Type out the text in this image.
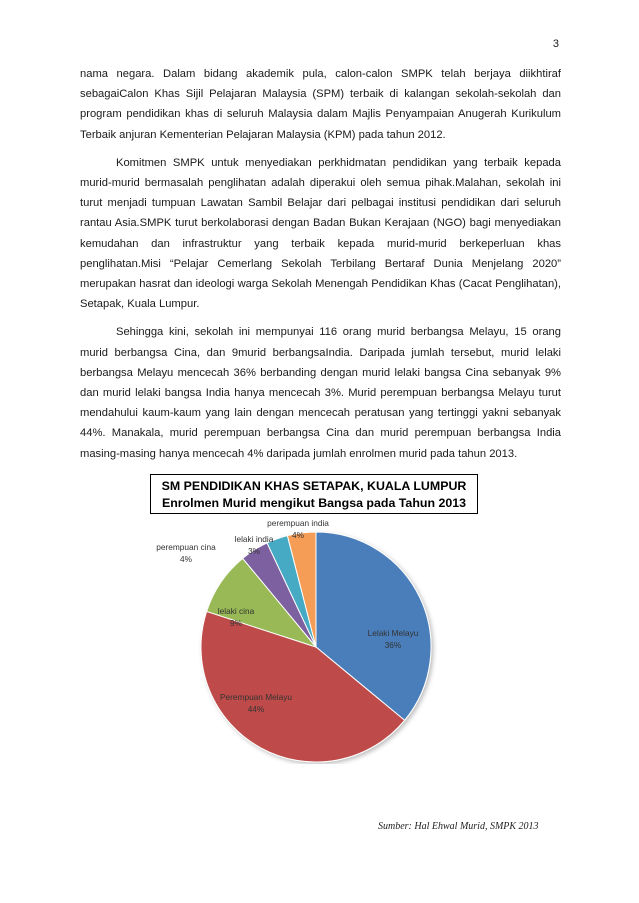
3

nama negara. Dalam bidang akademik pula, calon-calon SMPK telah berjaya diikhtiraf sebagaiCalon Khas Sijil Pelajaran Malaysia (SPM) terbaik di kalangan sekolah-sekolah dan program pendidikan khas di seluruh Malaysia dalam Majlis Penyampaian Anugerah Kurikulum Terbaik anjuran Kementerian Pelajaran Malaysia (KPM) pada tahun 2012.

Komitmen SMPK untuk menyediakan perkhidmatan pendidikan yang terbaik kepada murid-murid bermasalah penglihatan adalah diperakui oleh semua pihak.Malahan, sekolah ini turut menjadi tumpuan Lawatan Sambil Belajar dari pelbagai institusi pendidikan dari seluruh rantau Asia.SMPK turut berkolaborasi dengan Badan Bukan Kerajaan (NGO) bagi menyediakan kemudahan dan infrastruktur yang terbaik kepada murid-murid berkeperluan khas penglihatan.Misi “Pelajar Cemerlang Sekolah Terbilang Bertaraf Dunia Menjelang 2020” merupakan hasrat dan ideologi warga Sekolah Menengah Pendidikan Khas (Cacat Penglihatan), Setapak, Kuala Lumpur.

Sehingga kini, sekolah ini mempunyai 116 orang murid berbangsa Melayu, 15 orang murid berbangsa Cina, dan 9murid berbangsaIndia. Daripada jumlah tersebut, murid lelaki berbangsa Melayu mencecah 36% berbanding dengan murid lelaki bangsa Cina sebanyak 9% dan murid lelaki bangsa India hanya mencecah 3%. Murid perempuan berbangsa Melayu turut mendahului kaum-kaum yang lain dengan mencecah peratusan yang tertinggi yakni sebanyak 44%. Manakala, murid perempuan berbangsa Cina dan murid perempuan berbangsa India masing-masing hanya mencecah 4% daripada jumlah enrolmen murid pada tahun 2013.

Lelaki Melayu
36%
Perempuan Melayu
44%
lelaki cina
9%
perempuan cina
4%
lelaki india
3%
perempuan india
4%
SM PENDIDIKAN KHAS SETAPAK, KUALA LUMPUR
Enrolmen Murid mengikut Bangsa pada Tahun 2013
Sumber: Hal Ehwal Murid, SMPK 2013
